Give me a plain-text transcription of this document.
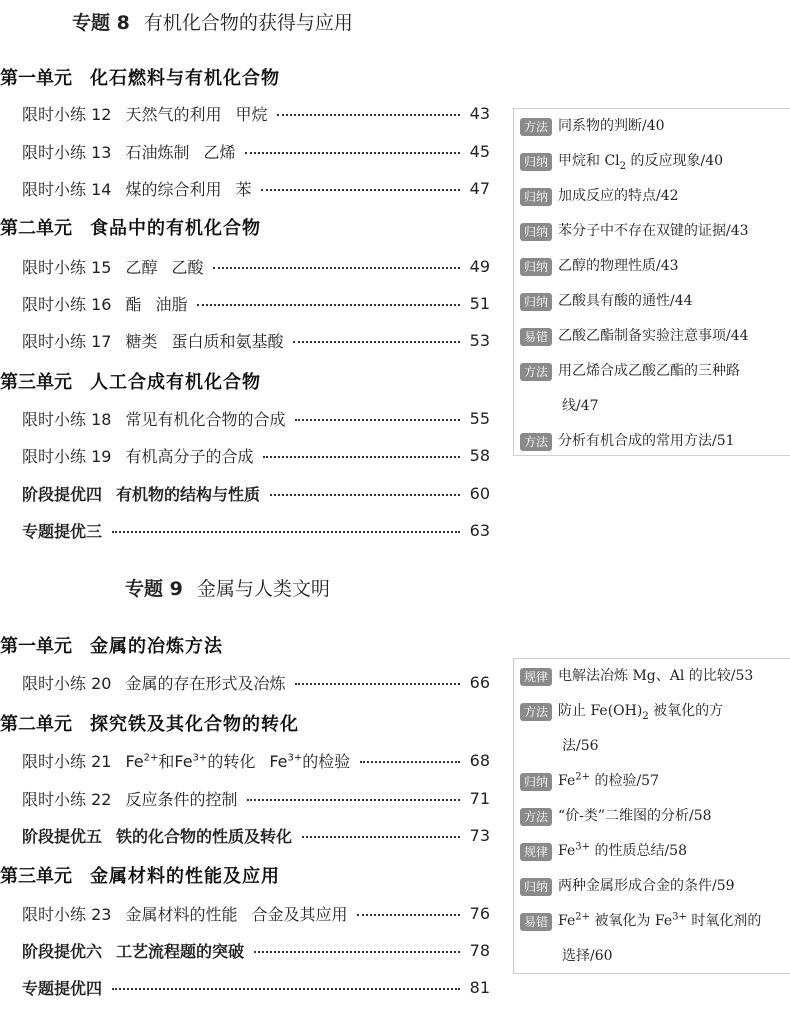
专题 8 有机化合物的获得与应用
第一单元 化石燃料与有机化合物
限时小练 12 天然气的利用 甲烷	43
限时小练 13 石油炼制 乙烯	45
限时小练 14 煤的综合利用 苯	47
第二单元 食品中的有机化合物
限时小练 15 乙醇 乙酸	49
限时小练 16 酯 油脂	51
限时小练 17 糖类 蛋白质和氨基酸	53
第三单元 人工合成有机化合物
限时小练 18 常见有机化合物的合成	55
限时小练 19 有机高分子的合成	58
阶段提优四 有机物的结构与性质	60
专题提优三	63
方法 同系物的判断/40
归纳 甲烷和 $Cl_2$ 的反应现象/40
归纳 加成反应的特点/42
归纳 苯分子中不存在双键的证据/43
归纳 乙醇的物理性质/43
归纳 乙酸具有酸的通性/44
易错 乙酸乙酯制备实验注意事项/44
方法 用乙烯合成乙酸乙酯的三种路
线/47
方法 分析有机合成的常用方法/51
专题 9 金属与人类文明
第一单元 金属的冶炼方法
限时小练 20 金属的存在形式及冶炼	66
第二单元 探究铁及其化合物的转化
限时小练 21 $Fe^{2+}$和$Fe^{3+}$的转化 $Fe^{3+}$的检验	68
限时小练 22 反应条件的控制	71
阶段提优五 铁的化合物的性质及转化	73
第三单元 金属材料的性能及应用
限时小练 23 金属材料的性能 合金及其应用	76
阶段提优六 工艺流程题的突破	78
专题提优四	81
规律 电解法冶炼 Mg、Al 的比较/53
方法 防止 $Fe(OH)_2$ 被氧化的方
法/56
归纳 $Fe^{2+}$ 的检验/57
方法 “价-类”二维图的分析/58
规律 $Fe^{3+}$ 的性质总结/58
归纳 两种金属形成合金的条件/59
易错 $Fe^{2+}$ 被氧化为 $Fe^{3+}$ 时氧化剂的
选择/60
